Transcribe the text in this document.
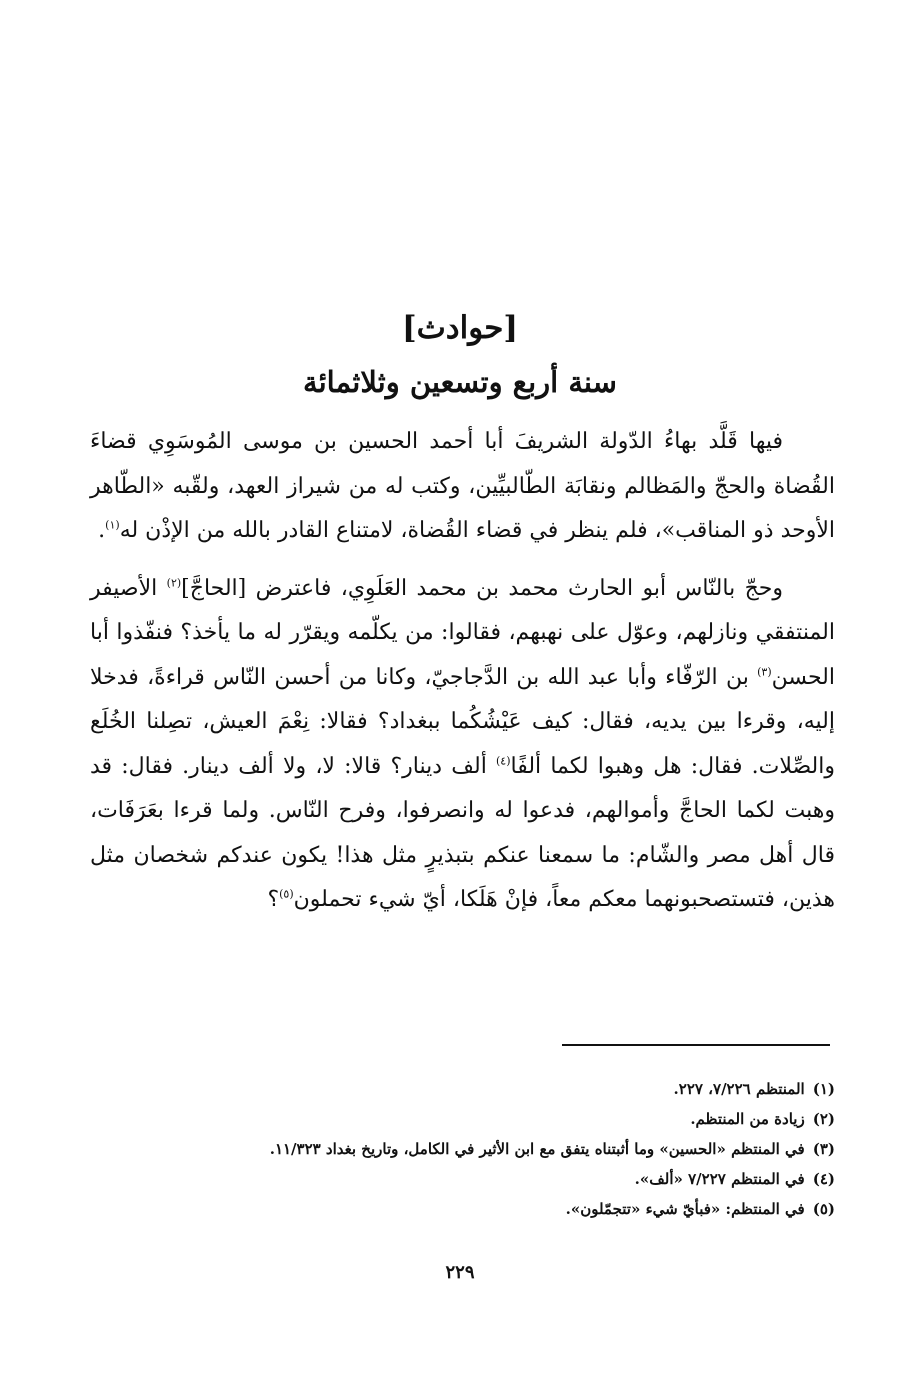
[حوادث]
سنة أربع وتسعين وثلاثمائة

فيها قَلَّد بهاءُ الدّولة الشريفَ أبا أحمد الحسين بن موسى المُوسَوِي قضاءَ القُضاة والحجّ والمَظالم ونقابَة الطّالبيِّين، وكتب له من شيراز العهد، ولقّبه «الطّاهر الأوحد ذو المناقب»، فلم ينظر في قضاء القُضاة، لامتناع القادر بالله من الإذْن له$^{(١)}$.

وحجّ بالنّاس أبو الحارث محمد بن محمد العَلَوِي، فاعترض [الحاجَّ]$^{(٢)}$ الأصيفر المنتفقي ونازلهم، وعوّل على نهبهم، فقالوا: من يكلّمه ويقرّر له ما يأخذ؟ فنفّذوا أبا الحسن$^{(٣)}$ بن الرّفّاء وأبا عبد الله بن الدَّجاجيّ، وكانا من أحسن النّاس قراءةً، فدخلا إليه، وقرءا بين يديه، فقال: كيف عَيْشُكُما ببغداد؟ فقالا: نِعْمَ العيش، تصِلنا الخُلَع والصِّلات. فقال: هل وهبوا لكما ألفًا$^{(٤)}$ ألف دينار؟ قالا: لا، ولا ألف دينار. فقال: قد وهبت لكما الحاجَّ وأموالهم، فدعوا له وانصرفوا، وفرح النّاس. ولما قرءا بعَرَفَات، قال أهل مصر والشّام: ما سمعنا عنكم بتبذيرٍ مثل هذا! يكون عندكم شخصان مثل هذين، فتستصحبونهما معكم معاً، فإنْ هَلَكا، أيّ شيء تحملون$^{(٥)}$؟

(١)المنتظم ٧/٢٢٦، ٢٢٧.
(٢)زيادة من المنتظم.
(٣)في المنتظم «الحسين» وما أثبتناه يتفق مع ابن الأثير في الكامل، وتاريخ بغداد ١١/٣٢٣.
(٤)في المنتظم ٧/٢٢٧ «ألف».
(٥)في المنتظم: «فبأيّ شيء «تتجمّلون».
٢٢٩
